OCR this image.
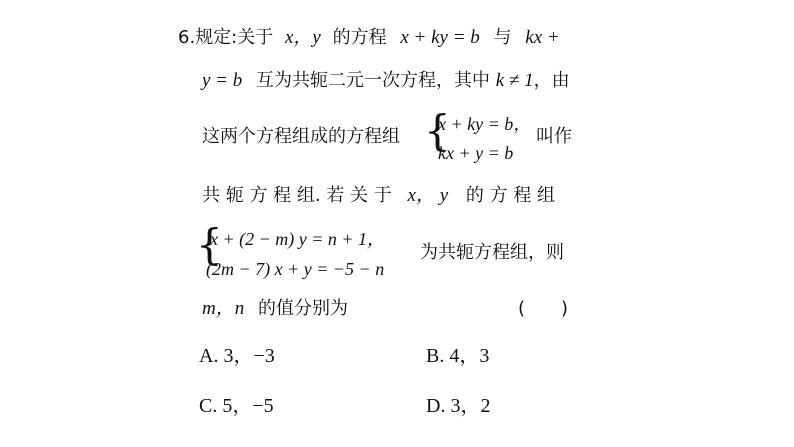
6.规定:关于 x，y 的方程 x + ky = b 与 kx +
y = b 互为共轭二元一次方程，其中 k ≠ 1，由
这两个方程组成的方程组 {
x + ky = b，
kx + y = b
叫作
共 轭 方 程 组. 若 关 于 x， y 的 方 程 组
{
x + (2 − m) y = n + 1，
(2m − 7) x + y = −5 − n
为共轭方程组，则
m，n 的值分别为	(　　)
A. 3，−3	B. 4，3
C. 5，−5	D. 3，2
